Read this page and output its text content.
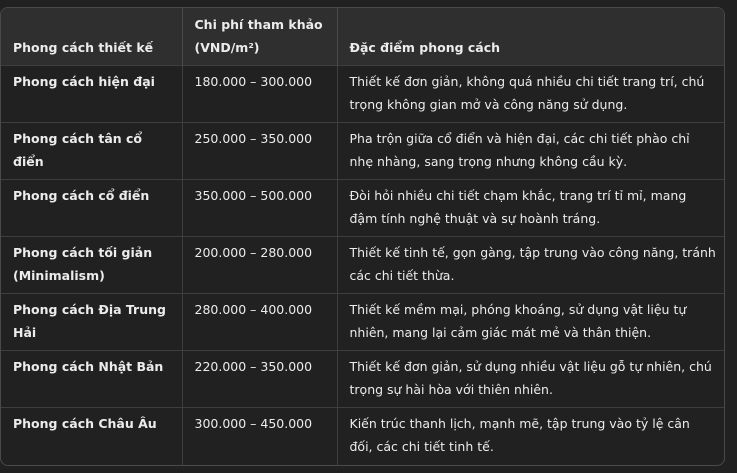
Phong cách thiết kế	Chi phí tham khảo (VND/m²)	Đặc điểm phong cách
Phong cách hiện đại	180.000 – 300.000	Thiết kế đơn giản, không quá nhiều chi tiết trang trí, chú trọng không gian mở và công năng sử dụng.
Phong cách tân cổ điển	250.000 – 350.000	Pha trộn giữa cổ điển và hiện đại, các chi tiết phào chỉ nhẹ nhàng, sang trọng nhưng không cầu kỳ.
Phong cách cổ điển	350.000 – 500.000	Đòi hỏi nhiều chi tiết chạm khắc, trang trí tỉ mỉ, mang đậm tính nghệ thuật và sự hoành tráng.
Phong cách tối giản (Minimalism)	200.000 – 280.000	Thiết kế tinh tế, gọn gàng, tập trung vào công năng, tránh các chi tiết thừa.
Phong cách Địa Trung Hải	280.000 – 400.000	Thiết kế mềm mại, phóng khoáng, sử dụng vật liệu tự nhiên, mang lại cảm giác mát mẻ và thân thiện.
Phong cách Nhật Bản	220.000 – 350.000	Thiết kế đơn giản, sử dụng nhiều vật liệu gỗ tự nhiên, chú trọng sự hài hòa với thiên nhiên.
Phong cách Châu Âu	300.000 – 450.000	Kiến trúc thanh lịch, mạnh mẽ, tập trung vào tỷ lệ cân đối, các chi tiết tinh tế.
